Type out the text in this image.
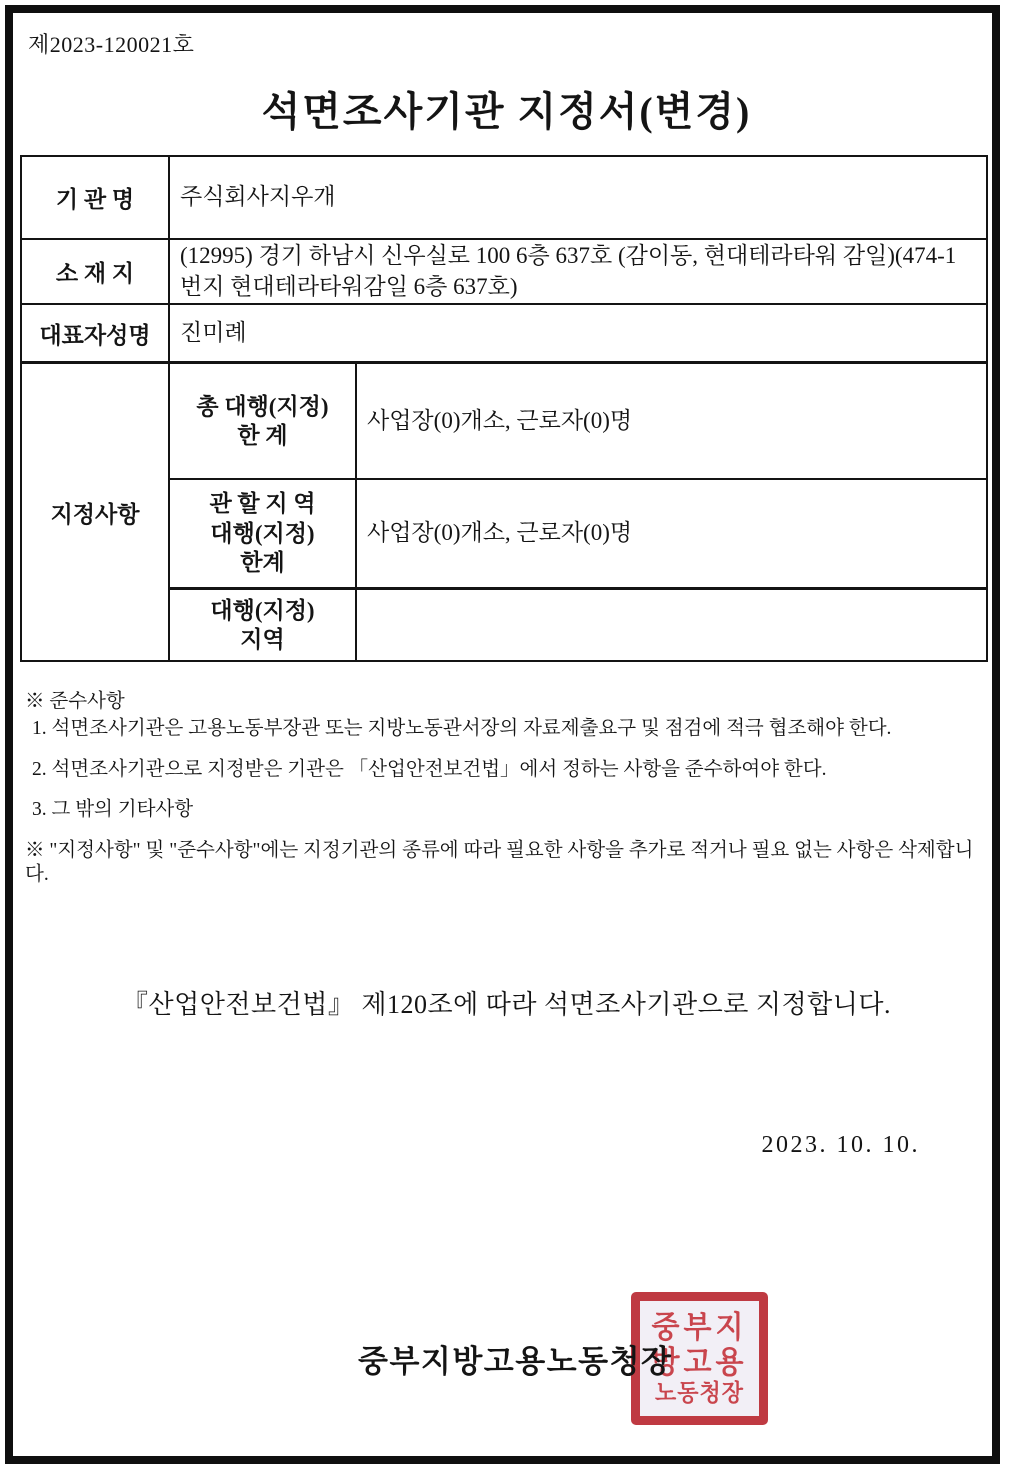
제2023-120021호
석면조사기관 지정서(변경)
기 관 명	주식회사지우개
소 재 지
(12995) 경기 하남시 신우실로 100 6층 637호 (감이동, 현대테라타워 감일)(474-1번지 현대테라타워감일 6층 637호)
대표자성명	진미례
지정사항
총 대행(지정)
한 계
사업장(0)개소, 근로자(0)명
관 할 지 역
대행(지정)
한계
사업장(0)개소, 근로자(0)명
대행(지정)
지역
※ 준수사항
1. 석면조사기관은 고용노동부장관 또는 지방노동관서장의 자료제출요구 및 점검에 적극 협조해야 한다.
2. 석면조사기관으로 지정받은 기관은 「산업안전보건법」에서 정하는 사항을 준수하여야 한다.
3. 그 밖의 기타사항
※ "지정사항" 및 "준수사항"에는 지정기관의 종류에 따라 필요한 사항을 추가로 적거나 필요 없는 사항은 삭제합니다.
『산업안전보건법』 제120조에 따라 석면조사기관으로 지정합니다.
2023. 10. 10.
중부지
방고용
노동청장
중부지방고용노동청장
